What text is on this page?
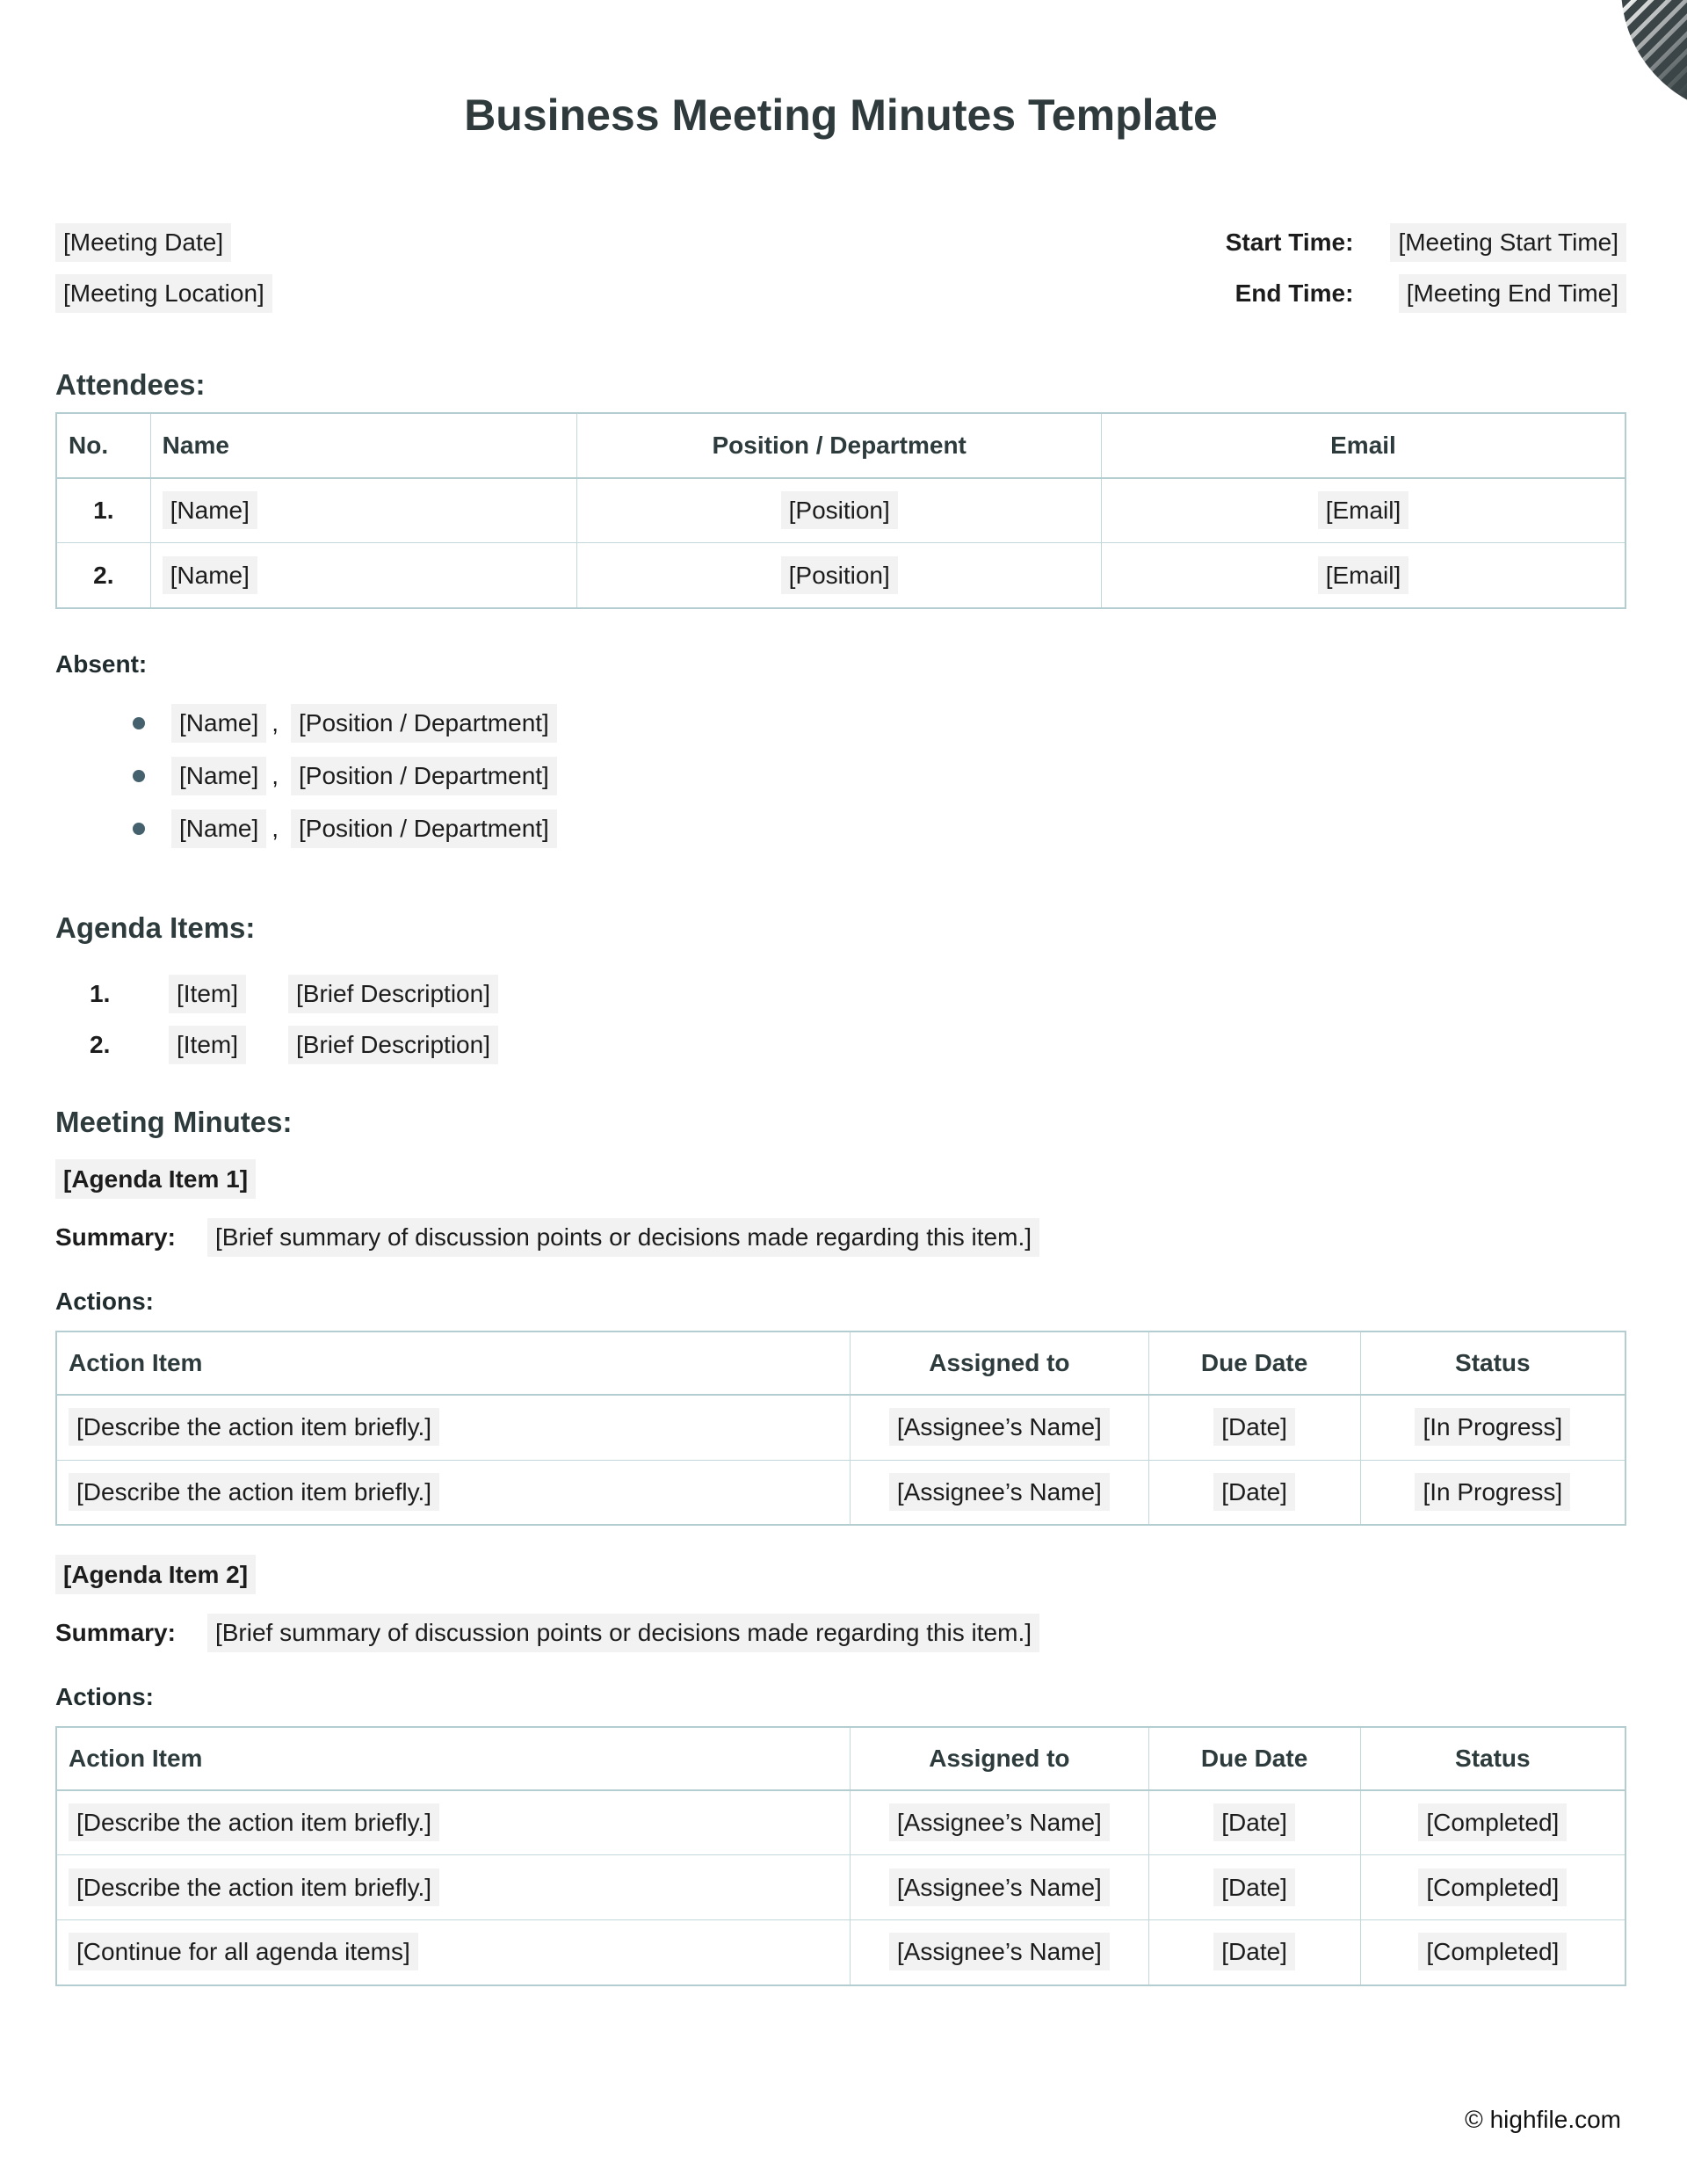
Business Meeting Minutes Template
[Meeting Date]
[Meeting Location]
Start Time:	[Meeting Start Time]
End Time:	[Meeting End Time]
Attendees:
No.	Name	Position / Department	Email
1.	[Name]	[Position]	[Email]
2.	[Name]	[Position]	[Email]
Absent:
[Name] , [Position / Department]
[Name] , [Position / Department]
[Name] , [Position / Department]
Agenda Items:
1.	[Item]	[Brief Description]
2.	[Item]	[Brief Description]
Meeting Minutes:
[Agenda Item 1]
Summary:	[Brief summary of discussion points or decisions made regarding this item.]
Actions:
Action Item	Assigned to	Due Date	Status
[Describe the action item briefly.]	[Assignee’s Name]	[Date]	[In Progress]
[Describe the action item briefly.]	[Assignee’s Name]	[Date]	[In Progress]
[Agenda Item 2]
Summary:	[Brief summary of discussion points or decisions made regarding this item.]
Actions:
Action Item	Assigned to	Due Date	Status
[Describe the action item briefly.]	[Assignee’s Name]	[Date]	[Completed]
[Describe the action item briefly.]	[Assignee’s Name]	[Date]	[Completed]
[Continue for all agenda items]	[Assignee’s Name]	[Date]	[Completed]
© highfile.com
